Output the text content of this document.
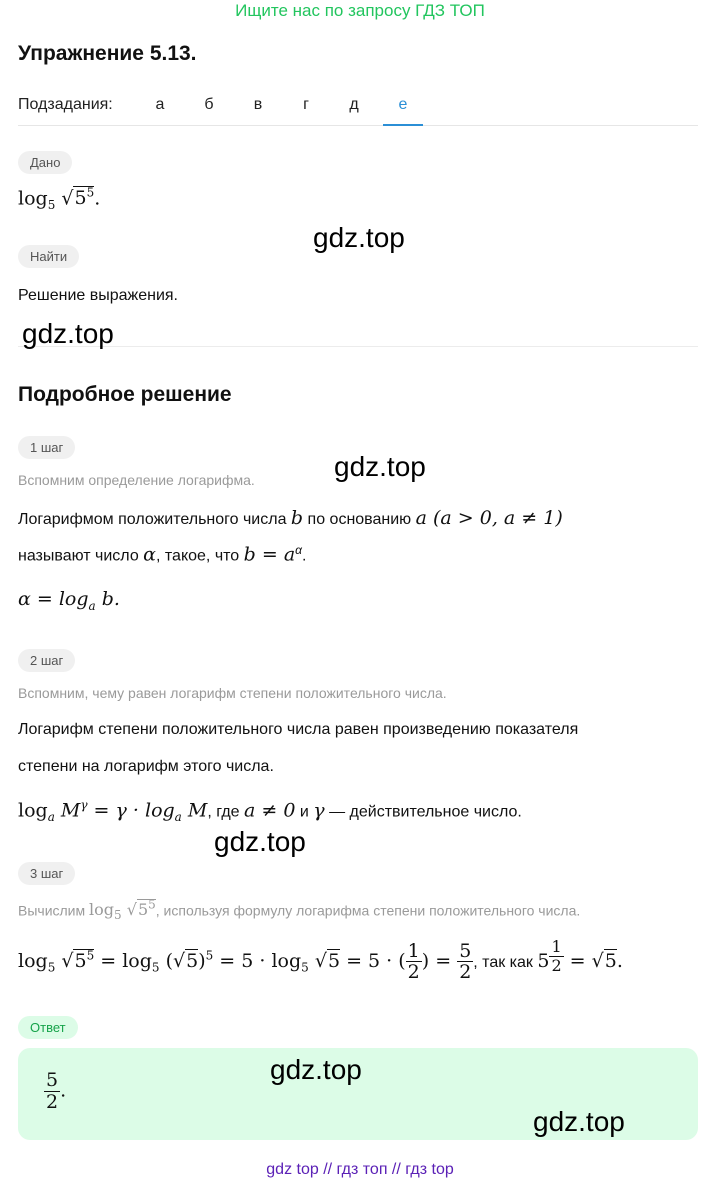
Ищите нас по запросу ГДЗ ТОП
Упражнение 5.13.
Подзадания:	а	б	в	г	д	е
Дано
$\log_5 √5^5$.
Найти
Решение выражения.
Подробное решение
1 шаг
Вспомним определение логарифма.
Логарифмом положительного числа b по основанию a (a > 0, a ≠ 1)
называют число α, такое, что $b = a^\alpha$.
$\alpha = \log_a b$.
2 шаг
Вспомним, чему равен логарифм степени положительного числа.
Логарифм степени положительного числа равен произведению показателя
степени на логарифм этого числа.
$\log_a M^\gamma = \gamma \cdot \log_a M$, где a ≠ 0 и γ — действительное число.
3 шаг
Вычислим $\log_5 √5^5$, используя формулу логарифма степени положительного числа.
$\log_5 √5^5 = \log_5 (√5)^5 = 5 \cdot \log_5 √5 = 5$ · ( $\frac{1}{2}$ ) = $\frac{5}{2}$ , так как 5 $^{\frac{1}{2}}$ = √5.
Ответ
$\frac{5}{2}$ .
gdz.top
gdz.top
gdz.top
gdz.top
gdz.top
gdz.top
gdz top // гдз топ // гдз top
